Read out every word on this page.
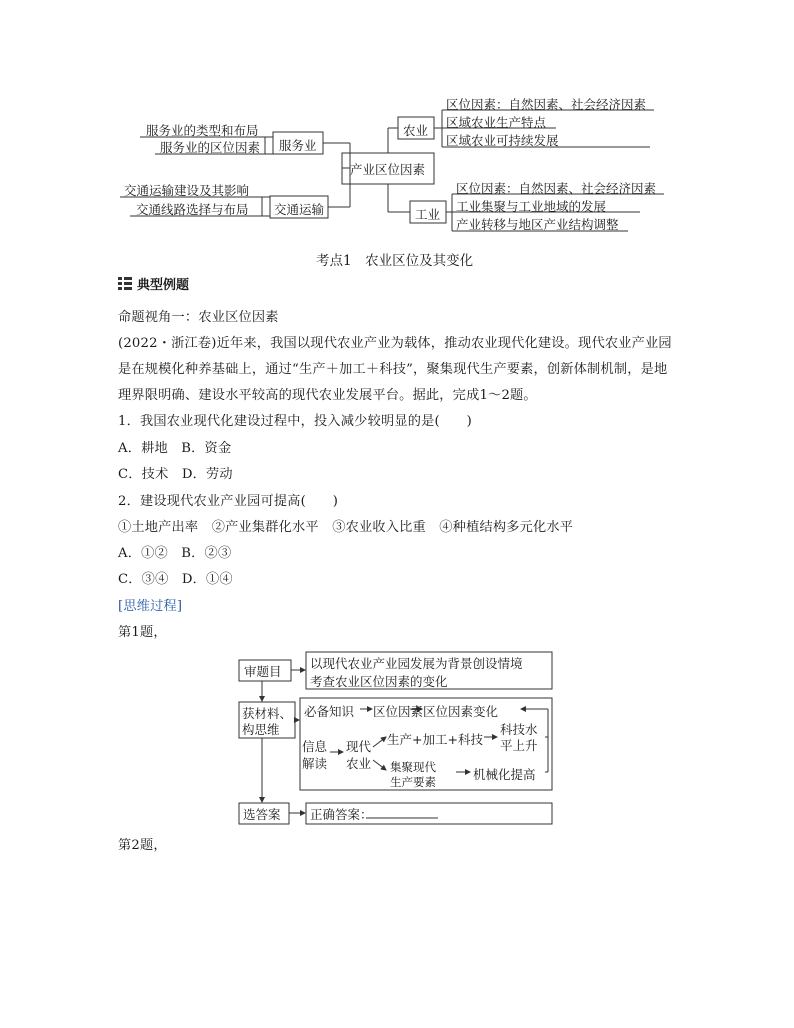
产业区位因素
服务业
交通运输
服务业的类型和布局
服务业的区位因素
交通运输建设及其影响
交通线路选择与布局
农业
工业
区位因素：自然因素、社会经济因素
区域农业生产特点
区域农业可持续发展
区位因素：自然因素、社会经济因素
工业集聚与工业地域的发展
产业转移与地区产业结构调整
考点1　农业区位及其变化
典型例题
命题视角一：农业区位因素
(2022・浙江卷)近年来，我国以现代农业产业为载体，推动农业现代化建设。现代农业产业园
是在规模化种养基础上，通过“生产＋加工＋科技”，聚集现代生产要素，创新体制机制，是地
理界限明确、建设水平较高的现代农业发展平台。据此，完成1～2题。
1．我国农业现代化建设过程中，投入减少较明显的是(　　)
A．耕地　B．资金
C．技术　D．劳动
2．建设现代农业产业园可提高(　　)
①土地产出率　②产业集群化水平　③农业收入比重　④种植结构多元化水平
A．①②　B．②③
C．③④　D．①④
[思维过程]
第1题，
审题目
以现代农业产业园发展为背景创设情境
考查农业区位因素的变化
获材料、
构思维
必备知识 区位因素 区位因素变化
信息
解读
现代
农业
生产+加工+科技
科技水
平上升
集聚现代
生产要素	机械化提高
选答案 正确答案：
第2题，
